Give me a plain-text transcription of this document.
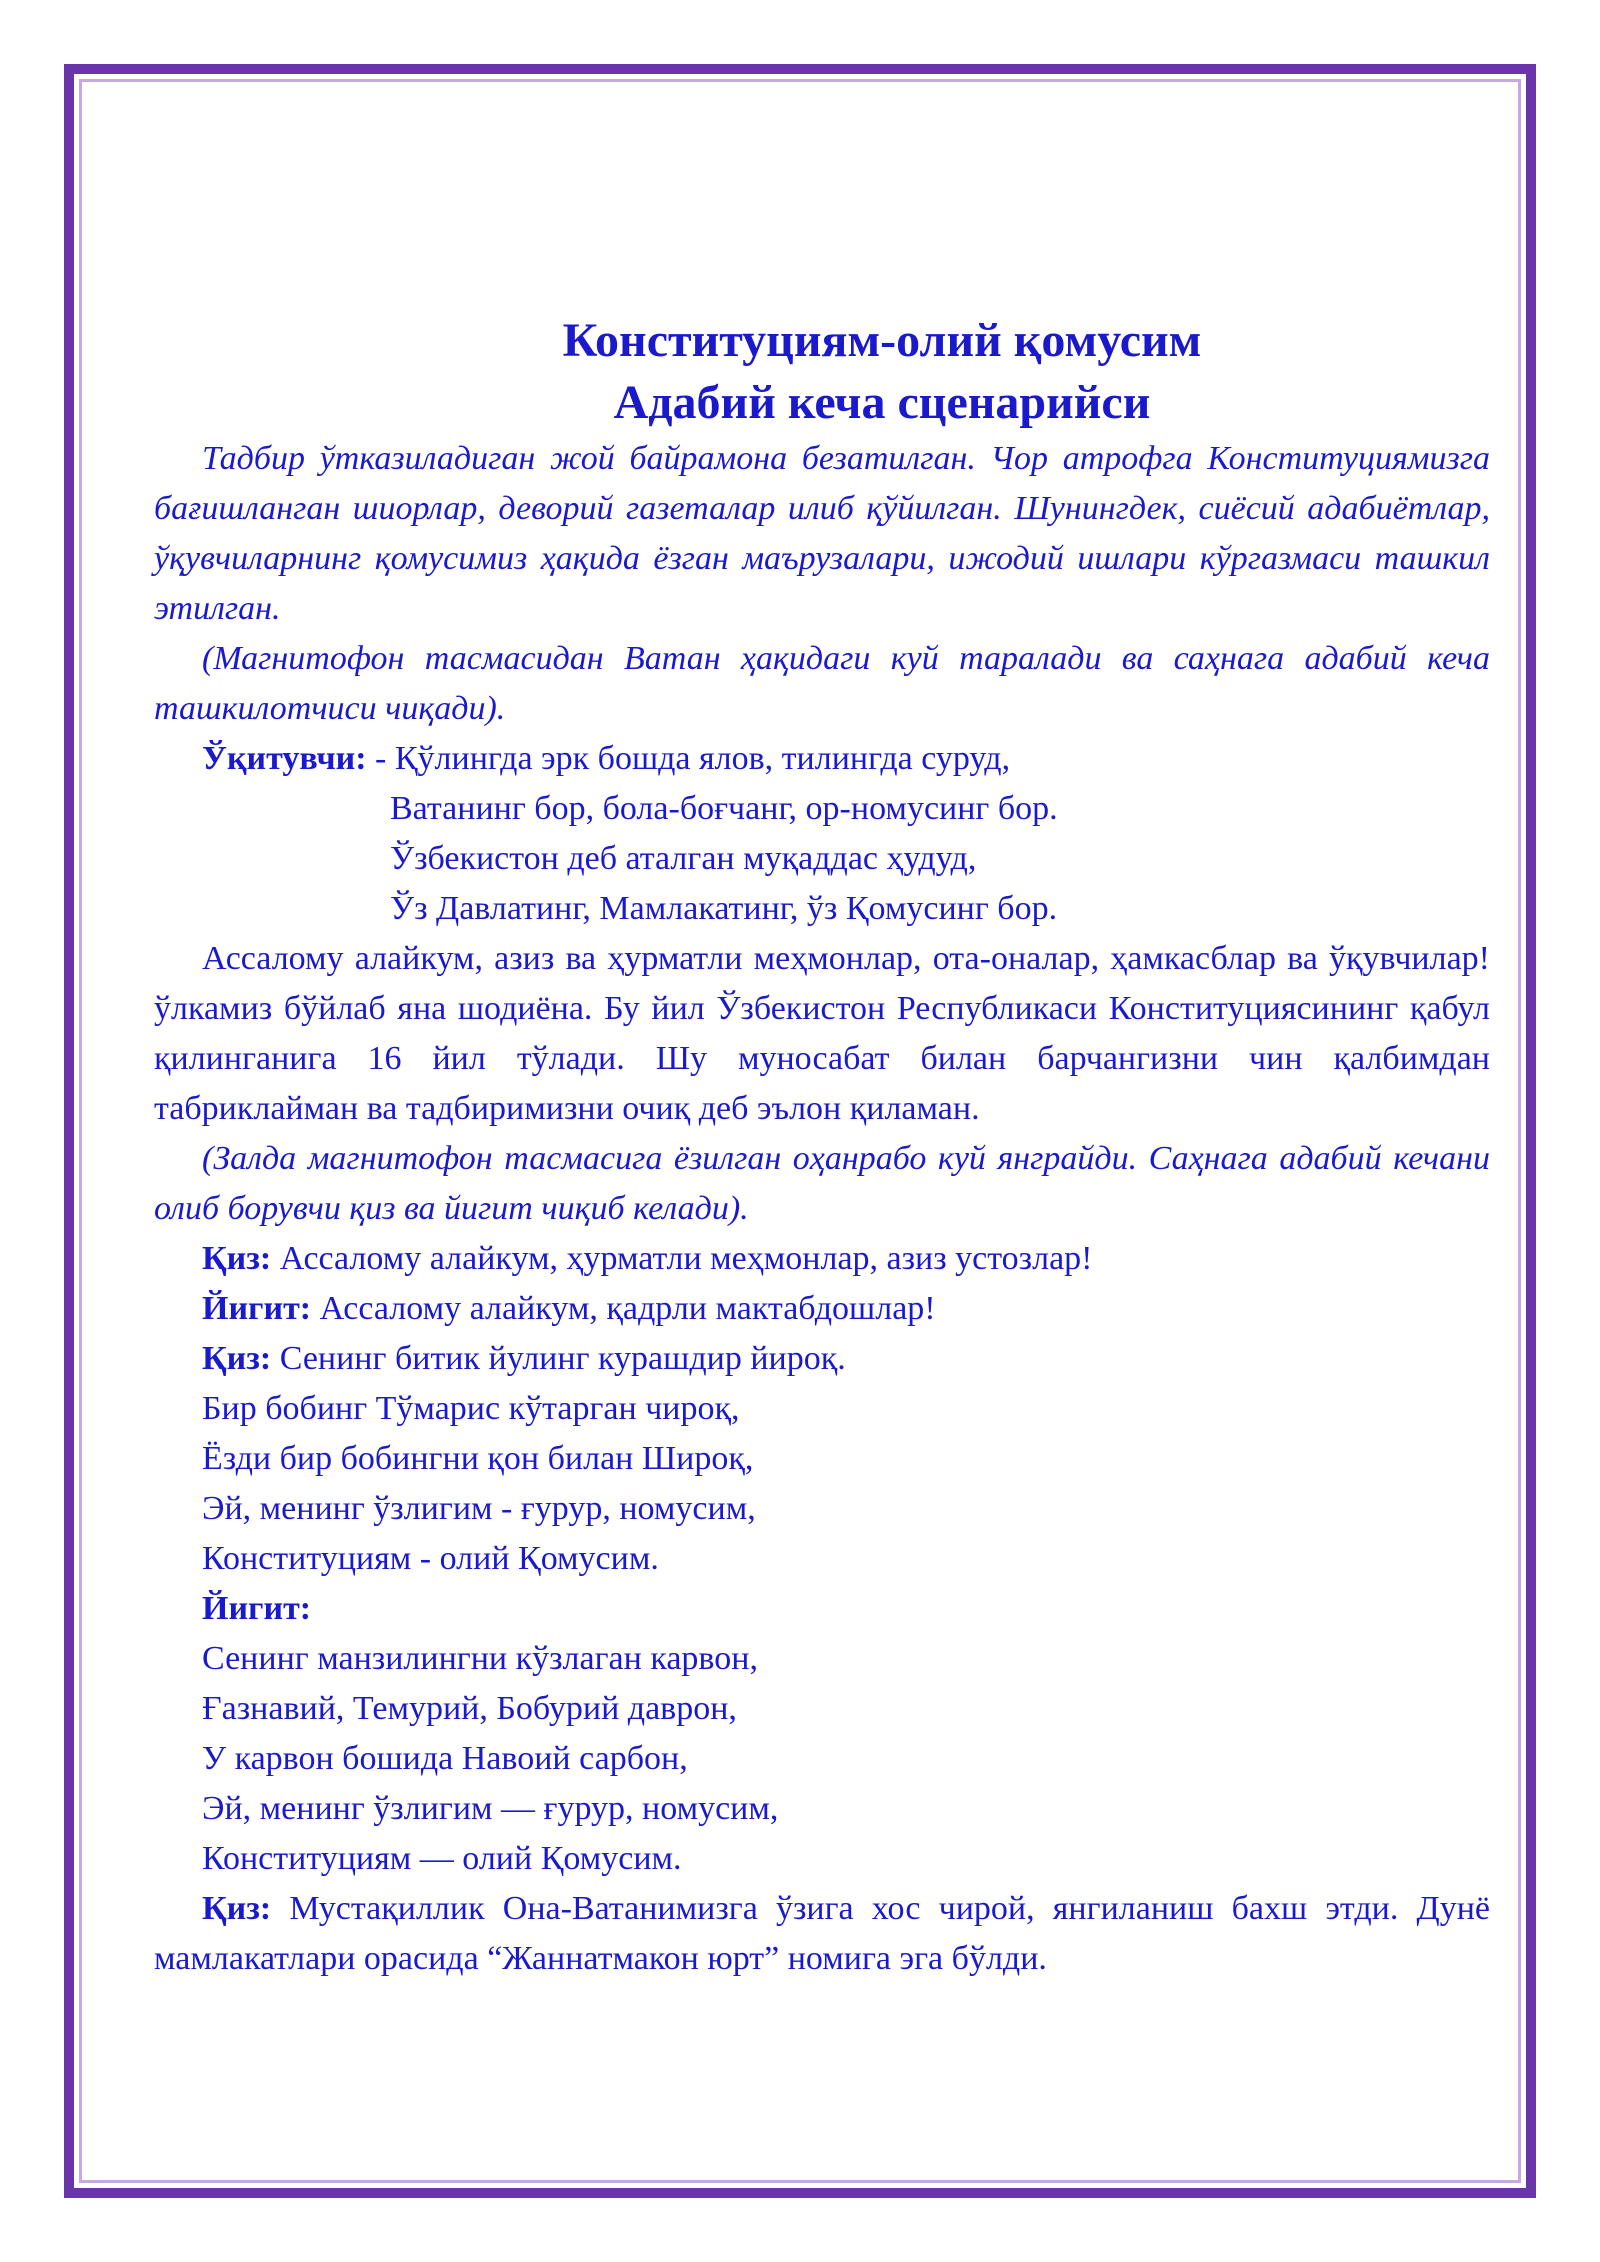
Конституциям-олий қомусим
Адабий кеча сценарийси

Тадбир ўтказиладиган жой байрамона безатилган. Чор атрофга Конституциямизга бағишланган шиорлар, деворий газеталар илиб қўйилган. Шунингдек, сиёсий адабиётлар, ўқувчиларнинг қомусимиз ҳақида ёзган маърузалари, ижодий ишлари кўргазмаси ташкил этилган.

(Магнитофон тасмасидан Ватан ҳақидаги куй таралади ва саҳнага адабий кеча ташкилотчиси чиқади).

Ўқитувчи: - Қўлингда эрк бошда ялов, тилингда суруд,
Ватанинг бор, бола-боғчанг, ор-номусинг бор.
Ўзбекистон деб аталган муқаддас ҳудуд,
Ўз Давлатинг, Мамлакатинг, ўз Қомусинг бор.

Ассалому алайкум, азиз ва ҳурматли меҳмонлар, ота-оналар, ҳамкасблар ва ўқувчилар! ўлкамиз бўйлаб яна шодиёна. Бу йил Ўзбекистон Республикаси Конституциясининг қабул қилинганига 16 йил тўлади. Шу муносабат билан барчангизни чин қалбимдан табриклайман ва тадбиримизни очиқ деб эълон қиламан.

(Залда магнитофон тасмасига ёзилган оҳанрабо куй янграйди. Саҳнага адабий кечани олиб борувчи қиз ва йигит чиқиб келади).

Қиз: Ассалому алайкум, ҳурматли меҳмонлар, азиз устозлар!
Йигит: Ассалому алайкум, қадрли мактабдошлар!
Қиз: Сенинг битик йулинг курашдир йироқ.
Бир бобинг Тўмарис кўтарган чироқ,
Ёзди бир бобингни қон билан Широқ,
Эй, менинг ўзлигим - ғурур, номусим,
Конституциям - олий Қомусим.
Йигит:
Сенинг манзилингни кўзлаган карвон,
Ғазнавий, Темурий, Бобурий даврон,
У карвон бошида Навоий сарбон,
Эй, менинг ўзлигим — ғурур, номусим,
Конституциям — олий Қомусим.

Қиз: Мустақиллик Она-Ватанимизга ўзига хос чирой, янгиланиш бахш этди. Дунё мамлакатлари орасида “Жаннатмакон юрт” номига эга бўлди.
